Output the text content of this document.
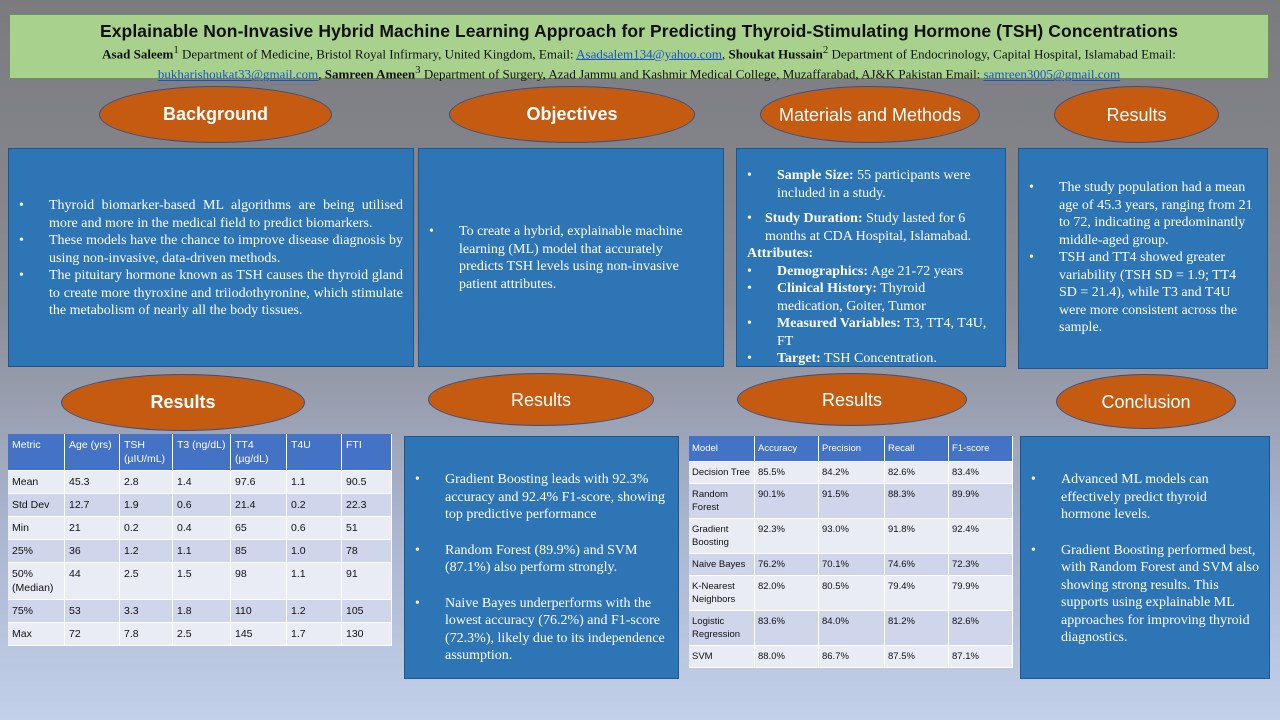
Explainable Non-Invasive Hybrid Machine Learning Approach for Predicting Thyroid-Stimulating Hormone (TSH) Concentrations
Asad Saleem$^1$ Department of Medicine, Bristol Royal Infirmary, United Kingdom, Email: Asadsalem134@yahoo.com, Shoukat Hussain$^2$ Department of Endocrinology, Capital Hospital, Islamabad Email: bukharishoukat33@gmail.com, Samreen Ameen$^3$ Department of Surgery, Azad Jammu and Kashmir Medical College, Muzaffarabad, AJ&K Pakistan Email: samreen3005@gmail.com
Background	Objectives	Materials and Methods	Results
• Thyroid biomarker-based ML algorithms are being utilised more and more in the medical field to predict biomarkers.
• These models have the chance to improve disease diagnosis by using non-invasive, data-driven methods.
• The pituitary hormone known as TSH causes the thyroid gland to create more thyroxine and triiodothyronine, which stimulate the metabolism of nearly all the body tissues.
• To create a hybrid, explainable machine learning (ML) model that accurately predicts TSH levels using non-invasive patient attributes.
• Sample Size: 55 participants were included in a study.
• Study Duration: Study lasted for 6 months at CDA Hospital, Islamabad.
Attributes:
• Demographics: Age 21-72 years
• Clinical History: Thyroid medication, Goiter, Tumor
• Measured Variables: T3, TT4, T4U, FT
• Target: TSH Concentration.
• The study population had a mean age of 45.3 years, ranging from 21 to 72, indicating a predominantly middle-aged group.
• TSH and TT4 showed greater variability (TSH SD = 1.9; TT4 SD = 21.4), while T3 and T4U were more consistent across the sample.
Results	Results	Results	Conclusion
Metric	Age (yrs)	TSH (µIU/mL)	T3 (ng/dL)	TT4 (µg/dL)	T4U	FTI
Mean	45.3	2.8	1.4	97.6	1.1	90.5
Std Dev	12.7	1.9	0.6	21.4	0.2	22.3
Min	21	0.2	0.4	65	0.6	51
25%	36	1.2	1.1	85	1.0	78
50% (Median)	44	2.5	1.5	98	1.1	91
75%	53	3.3	1.8	110	1.2	105
Max	72	7.8	2.5	145	1.7	130
• Gradient Boosting leads with 92.3% accuracy and 92.4% F1-score, showing top predictive performance
• Random Forest (89.9%) and SVM (87.1%) also perform strongly.
• Naive Bayes underperforms with the lowest accuracy (76.2%) and F1-score (72.3%), likely due to its independence assumption.
Model	Accuracy	Precision	Recall	F1-score
Decision Tree	85.5%	84.2%	82.6%	83.4%
Random Forest	90.1%	91.5%	88.3%	89.9%
Gradient Boosting	92.3%	93.0%	91.8%	92.4%
Naive Bayes	76.2%	70.1%	74.6%	72.3%
K-Nearest Neighbors	82.0%	80.5%	79.4%	79.9%
Logistic Regression	83.6%	84.0%	81.2%	82.6%
SVM	88.0%	86.7%	87.5%	87.1%
• Advanced ML models can effectively predict thyroid hormone levels.
• Gradient Boosting performed best, with Random Forest and SVM also showing strong results. This supports using explainable ML approaches for improving thyroid diagnostics.
